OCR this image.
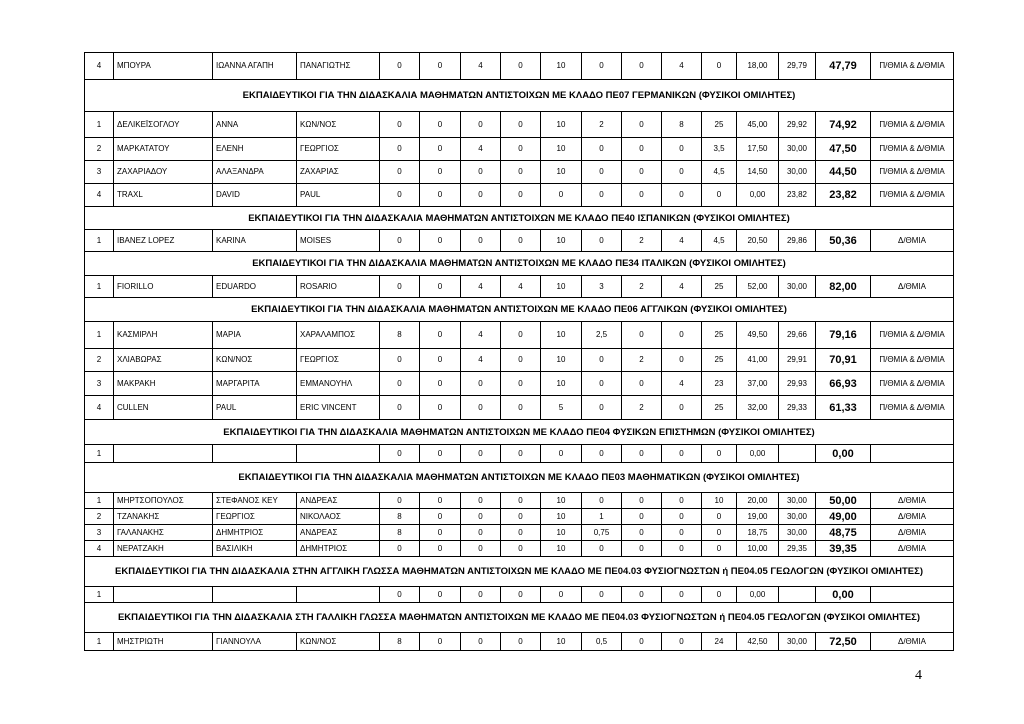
4	ΜΠΟΥΡΑ	ΙΩΑΝΝΑ ΑΓΑΠΗ	ΠΑΝΑΓΙΩΤΗΣ	0	0	4	0	10	0	0	4	0	18,00	29,79	47,79	Π/ΘΜΙΑ & Δ/ΘΜΙΑ
ΕΚΠΑΙΔΕΥΤΙΚΟΙ ΓΙΑ ΤΗΝ ΔΙΔΑΣΚΑΛΙΑ ΜΑΘΗΜΑΤΩΝ ΑΝΤΙΣΤΟΙΧΩΝ ΜΕ ΚΛΑΔΟ ΠΕ07 ΓΕΡΜΑΝΙΚΩΝ (ΦΥΣΙΚΟΙ ΟΜΙΛΗΤΕΣ)																
1	ΔΕΛΙΚΕΪΣΟΓΛΟΥ	ΑΝΝΑ	ΚΩΝ/ΝΟΣ	0	0	0	0	10	2	0	8	25	45,00	29,92	74,92	Π/ΘΜΙΑ & Δ/ΘΜΙΑ
2	ΜΑΡΚΑΤΑΤΟΥ	ΕΛΕΝΗ	ΓΕΩΡΓΙΟΣ	0	0	4	0	10	0	0	0	3,5	17,50	30,00	47,50	Π/ΘΜΙΑ & Δ/ΘΜΙΑ
3	ΖΑΧΑΡΙΑΔΟΥ	ΑΛΑΞΑΝΔΡΑ	ΖΑΧΑΡΙΑΣ	0	0	0	0	10	0	0	0	4,5	14,50	30,00	44,50	Π/ΘΜΙΑ & Δ/ΘΜΙΑ
4	TRAXL	DAVID	PAUL	0	0	0	0	0	0	0	0	0	0,00	23,82	23,82	Π/ΘΜΙΑ & Δ/ΘΜΙΑ
ΕΚΠΑΙΔΕΥΤΙΚΟΙ ΓΙΑ ΤΗΝ ΔΙΔΑΣΚΑΛΙΑ ΜΑΘΗΜΑΤΩΝ ΑΝΤΙΣΤΟΙΧΩΝ ΜΕ ΚΛΑΔΟ ΠΕ40 ΙΣΠΑΝΙΚΩΝ (ΦΥΣΙΚΟΙ ΟΜΙΛΗΤΕΣ)																
1	IBANEZ LOPEZ	KARINA	MOISES	0	0	0	0	10	0	2	4	4,5	20,50	29,86	50,36	Δ/ΘΜΙΑ
ΕΚΠΑΙΔΕΥΤΙΚΟΙ ΓΙΑ ΤΗΝ ΔΙΔΑΣΚΑΛΙΑ ΜΑΘΗΜΑΤΩΝ ΑΝΤΙΣΤΟΙΧΩΝ ΜΕ ΚΛΑΔΟ ΠΕ34 ΙΤΑΛΙΚΩΝ (ΦΥΣΙΚΟΙ ΟΜΙΛΗΤΕΣ)																
1	FIORILLO	EDUARDO	ROSARIO	0	0	4	4	10	3	2	4	25	52,00	30,00	82,00	Δ/ΘΜΙΑ
ΕΚΠΑΙΔΕΥΤΙΚΟΙ ΓΙΑ ΤΗΝ ΔΙΔΑΣΚΑΛΙΑ ΜΑΘΗΜΑΤΩΝ ΑΝΤΙΣΤΟΙΧΩΝ ΜΕ ΚΛΑΔΟ ΠΕ06 ΑΓΓΛΙΚΩΝ (ΦΥΣΙΚΟΙ ΟΜΙΛΗΤΕΣ)																
1	ΚΑΣΜΙΡΛΗ	ΜΑΡΙΑ	ΧΑΡΑΛΑΜΠΟΣ	8	0	4	0	10	2,5	0	0	25	49,50	29,66	79,16	Π/ΘΜΙΑ & Δ/ΘΜΙΑ
2	ΧΛΙΑΒΩΡΑΣ	ΚΩΝ/ΝΟΣ	ΓΕΩΡΓΙΟΣ	0	0	4	0	10	0	2	0	25	41,00	29,91	70,91	Π/ΘΜΙΑ & Δ/ΘΜΙΑ
3	ΜΑΚΡΑΚΗ	ΜΑΡΓΑΡΙΤΑ	ΕΜΜΑΝΟΥΗΛ	0	0	0	0	10	0	0	4	23	37,00	29,93	66,93	Π/ΘΜΙΑ & Δ/ΘΜΙΑ
4	CULLEN	PAUL	ERIC VINCENT	0	0	0	0	5	0	2	0	25	32,00	29,33	61,33	Π/ΘΜΙΑ & Δ/ΘΜΙΑ
ΕΚΠΑΙΔΕΥΤΙΚΟΙ ΓΙΑ ΤΗΝ ΔΙΔΑΣΚΑΛΙΑ ΜΑΘΗΜΑΤΩΝ ΑΝΤΙΣΤΟΙΧΩΝ ΜΕ ΚΛΑΔΟ ΠΕ04 ΦΥΣΙΚΩΝ ΕΠΙΣΤΗΜΩΝ (ΦΥΣΙΚΟΙ ΟΜΙΛΗΤΕΣ)																
1				0	0	0	0	0	0	0	0	0	0,00		0,00	
ΕΚΠΑΙΔΕΥΤΙΚΟΙ ΓΙΑ ΤΗΝ ΔΙΔΑΣΚΑΛΙΑ ΜΑΘΗΜΑΤΩΝ ΑΝΤΙΣΤΟΙΧΩΝ ΜΕ ΚΛΑΔΟ ΠΕ03 ΜΑΘΗΜΑΤΙΚΩΝ (ΦΥΣΙΚΟΙ ΟΜΙΛΗΤΕΣ)																
1	ΜΗΡΤΣΟΠΟΥΛΟΣ	ΣΤΕΦΑΝΟΣ ΚΕΥ	ΑΝΔΡΕΑΣ	0	0	0	0	10	0	0	0	10	20,00	30,00	50,00	Δ/ΘΜΙΑ
2	ΤΖΑΝΑΚΗΣ	ΓΕΩΡΓΙΟΣ	ΝΙΚΟΛΑΟΣ	8	0	0	0	10	1	0	0	0	19,00	30,00	49,00	Δ/ΘΜΙΑ
3	ΓΑΛΑΝΑΚΗΣ	ΔΗΜΗΤΡΙΟΣ	ΑΝΔΡΕΑΣ	8	0	0	0	10	0,75	0	0	0	18,75	30,00	48,75	Δ/ΘΜΙΑ
4	ΝΕΡΑΤΖΑΚΗ	ΒΑΣΙΛΙΚΗ	ΔΗΜΗΤΡΙΟΣ	0	0	0	0	10	0	0	0	0	10,00	29,35	39,35	Δ/ΘΜΙΑ
ΕΚΠΑΙΔΕΥΤΙΚΟΙ ΓΙΑ ΤΗΝ ΔΙΔΑΣΚΑΛΙΑ ΣΤΗΝ ΑΓΓΛΙΚΗ ΓΛΩΣΣΑ ΜΑΘΗΜΑΤΩΝ ΑΝΤΙΣΤΟΙΧΩΝ ΜΕ ΚΛΑΔΟ ΜΕ ΠΕ04.03 ΦΥΣΙΟΓΝΩΣΤΩΝ ή ΠΕ04.05 ΓΕΩΛΟΓΩΝ (ΦΥΣΙΚΟΙ ΟΜΙΛΗΤΕΣ)																
1				0	0	0	0	0	0	0	0	0	0,00		0,00	
ΕΚΠΑΙΔΕΥΤΙΚΟΙ ΓΙΑ ΤΗΝ ΔΙΔΑΣΚΑΛΙΑ ΣΤΗ ΓΑΛΛΙΚΗ ΓΛΩΣΣΑ ΜΑΘΗΜΑΤΩΝ ΑΝΤΙΣΤΟΙΧΩΝ ΜΕ ΚΛΑΔΟ ΜΕ ΠΕ04.03 ΦΥΣΙΟΓΝΩΣΤΩΝ ή ΠΕ04.05 ΓΕΩΛΟΓΩΝ (ΦΥΣΙΚΟΙ ΟΜΙΛΗΤΕΣ)																
1	ΜΗΣΤΡΙΩΤΗ	ΓΙΑΝΝΟΥΛΑ	ΚΩΝ/ΝΟΣ	8	0	0	0	10	0,5	0	0	24	42,50	30,00	72,50	Δ/ΘΜΙΑ
4
